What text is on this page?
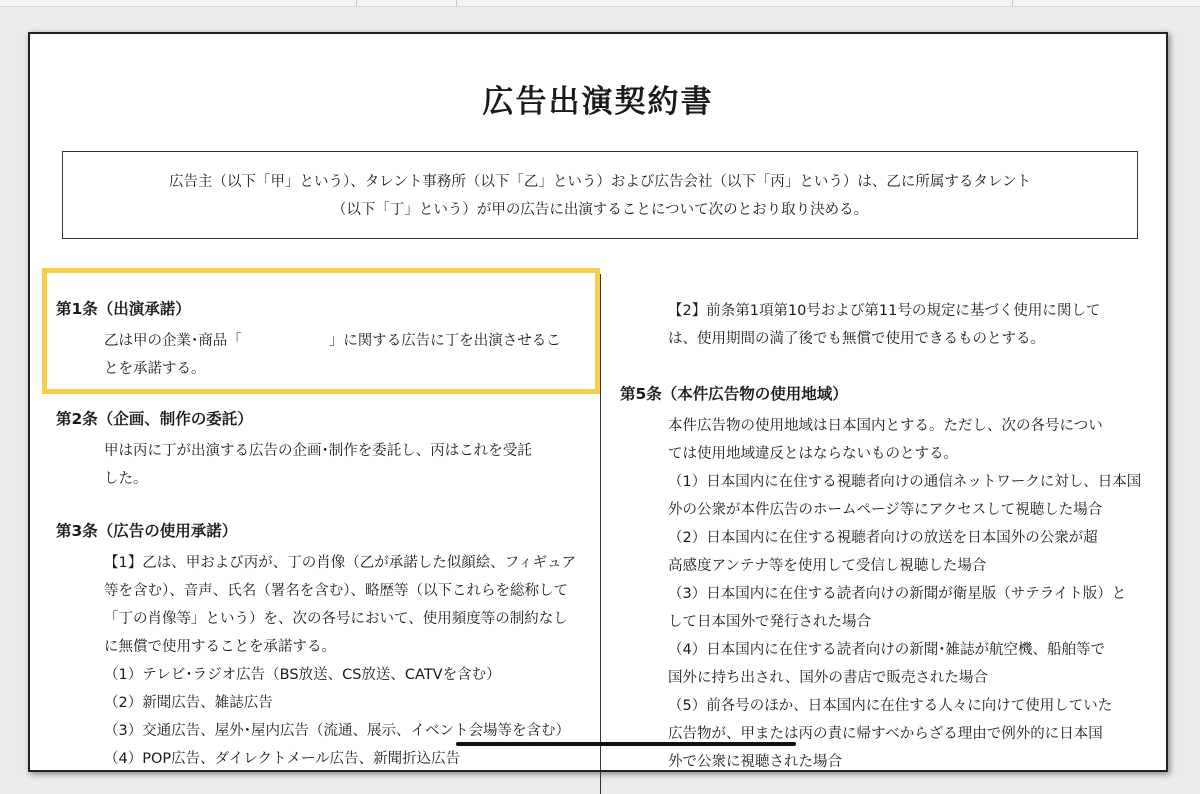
広告出演契約書

広告主（以下「甲」という）、タレント事務所（以下「乙」という）および広告会社（以下「丙」という）は、乙に所属するタレント

（以下「丁」という）が甲の広告に出演することについて次のとおり取り決める。

第1条（出演承諾）

乙は甲の企業･商品「　　　　　　」に関する広告に丁を出演させるこ

とを承諾する。

第2条（企画、制作の委託）

甲は丙に丁が出演する広告の企画･制作を委託し、丙はこれを受託

した。

第3条（広告の使用承諾）

【1】乙は、甲および丙が、丁の肖像（乙が承諾した似顔絵、フィギュア

等を含む）、音声、氏名（署名を含む）、略歴等（以下これらを総称して

「丁の肖像等」という）を、次の各号において、使用頻度等の制約なし

に無償で使用することを承諾する。

（1）テレビ･ラジオ広告（BS放送、CS放送、CATVを含む）

（2）新聞広告、雑誌広告

（3）交通広告、屋外･屋内広告（流通、展示、イベント会場等を含む）

（4）POP広告、ダイレクトメール広告、新聞折込広告

【2】前条第1項第10号および第11号の規定に基づく使用に関して

は、使用期間の満了後でも無償で使用できるものとする。

第5条（本件広告物の使用地域）

本件広告物の使用地域は日本国内とする。ただし、次の各号につい

ては使用地域違反とはならないものとする。

（1）日本国内に在住する視聴者向けの通信ネットワークに対し、日本国

外の公衆が本件広告のホームページ等にアクセスして視聴した場合

（2）日本国内に在住する視聴者向けの放送を日本国外の公衆が超

高感度アンテナ等を使用して受信し視聴した場合

（3）日本国内に在住する読者向けの新聞が衛星版（サテライト版）と

して日本国外で発行された場合

（4）日本国内に在住する読者向けの新聞･雑誌が航空機、船舶等で

国外に持ち出され、国外の書店で販売された場合

（5）前各号のほか、日本国内に在住する人々に向けて使用していた

広告物が、甲または丙の責に帰すべからざる理由で例外的に日本国

外で公衆に視聴された場合
